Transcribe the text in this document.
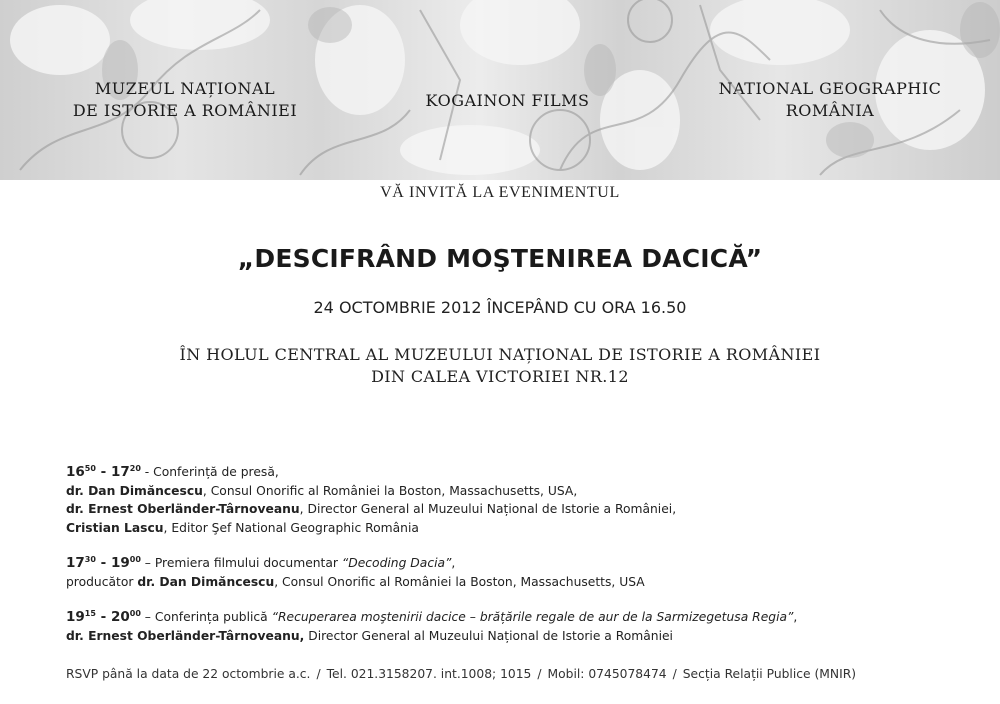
MUZEUL NAȚIONAL
DE ISTORIE A ROMÂNIEI
KOGAINON FILMS
NATIONAL GEOGRAPHIC
ROMÂNIA
VĂ INVITĂ LA EVENIMENTUL
„DESCIFRÂND MOŞTENIREA DACICĂ”
24 OCTOMBRIE 2012 ÎNCEPÂND CU ORA 16.50
ÎN HOLUL CENTRAL AL MUZEULUI NAȚIONAL DE ISTORIE A ROMÂNIEI
DIN CALEA VICTORIEI NR.12
$16^{50} - 17^{20}$ - Conferință de presă,
dr. Dan Dimăncescu, Consul Onorific al României la Boston, Massachusetts, USA,
dr. Ernest Oberländer-Târnoveanu, Director General al Muzeului Național de Istorie a României,
Cristian Lascu, Editor Şef National Geographic România
$17^{30} - 19^{00}$ – Premiera filmului documentar “Decoding Dacia”,
producător dr. Dan Dimăncescu, Consul Onorific al României la Boston, Massachusetts, USA
$19^{15} - 20^{00}$ – Conferința publică “Recuperarea moştenirii dacice – brățările regale de aur de la Sarmizegetusa Regia”,
dr. Ernest Oberländer-Târnoveanu, Director General al Muzeului Național de Istorie a României
RSVP până la data de 22 octombrie a.c. / Tel. 021.3158207. int.1008; 1015 / Mobil: 0745078474 / Secția Relații Publice (MNIR)
